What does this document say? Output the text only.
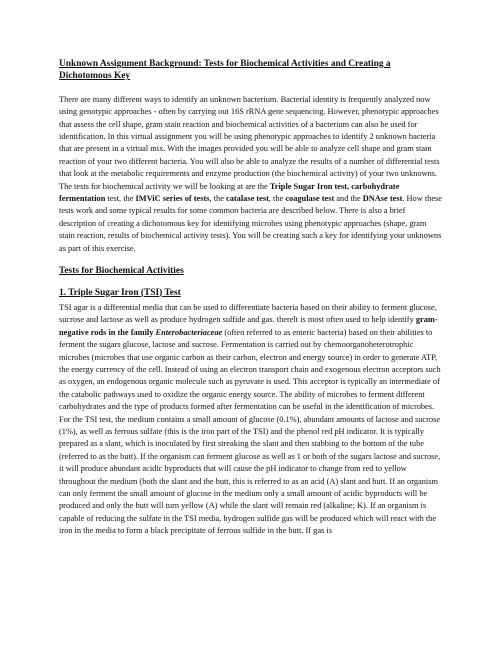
Unknown Assignment Background: Tests for Biochemical Activities and Creating a Dichotomous Key

There are many different ways to identify an unknown bacterium. Bacterial identity is frequently analyzed now using genotypic approaches - often by carrying out 16S rRNA gene sequencing. However, phenotypic approaches that assess the cell shape, gram stain reaction and biochemical activities of a bacterium can also be used for identification. In this virtual assignment you will be using phenotypic approaches to identify 2 unknown bacteria that are present in a virtual mix. With the images provided you will be able to analyze cell shape and gram stain reaction of your two different bacteria. You will also be able to analyze the results of a number of differential tests that look at the metabolic requirements and enzyme production (the biochemical activity) of your two unknowns. The tests for biochemical activity we will be looking at are the Triple Sugar Iron test, carbohydrate fermentation test, the IMViC series of tests, the catalase test, the coagulase test and the DNAse test. How these tests work and some typical results for some common bacteria are described below. There is also a brief description of creating a dichotomous key for identifying microbes using phenotypic approaches (shape, gram stain reaction, results of biochemical activity tests). You will be creating such a key for identifying your unknowns as part of this exercise.

Tests for Biochemical Activities

1. Triple Sugar Iron (TSI) Test

TSI agar is a differential media that can be used to differentiate bacteria based on their ability to ferment glucose, sucrose and lactose as well as produce hydrogen sulfide and gas. therelt is most often used to help identify gram-negative rods in the family Enterobacteriaceae (often referred to as enteric bacteria) based on their abilities to ferment the sugars glucose, lactose and sucrose. Fermentation is carried out by chemoorganoheterotrophic microbes (microbes that use organic carbon as their carbon, electron and energy source) in order to generate ATP, the energy currency of the cell. Instead of using an electron transport chain and exogenous electron acceptors such as oxygen, an endogenous organic molecule such as pyruvate is used. This acceptor is typically an intermediate of the catabolic pathways used to oxidize the organic energy source. The ability of microbes to ferment different carbohydrates and the type of products formed after fermentation can be useful in the identification of microbes. For the TSI test, the medium contains a small amount of glucose (0.1%), abundant amounts of lactose and sucrose (1%), as well as ferrous sulfate (this is the iron part of the TSI) and the phenol red pH indicator. It is typically prepared as a slant, which is inoculated by first streaking the slant and then stabbing to the bottom of the tube (referred to as the butt). If the organism can ferment glucose as well as 1 or both of the sugars lactose and sucrose, it will produce abundant acidic byproducts that will cause the pH indicator to change from red to yellow throughout the medium (both the slant and the butt, this is referred to as an acid (A) slant and butt. If an organism can only ferment the small amount of glucose in the medium only a small amount of acidic byproducts will be produced and only the butt will turn yellow (A) while the slant will remain red (alkaline; K). If an organism is capable of reducing the sulfate in the TSI media, hydrogen sulfide gas will be produced which will react with the iron in the media to form a black precipitate of ferrous sulfide in the butt. If gas is
